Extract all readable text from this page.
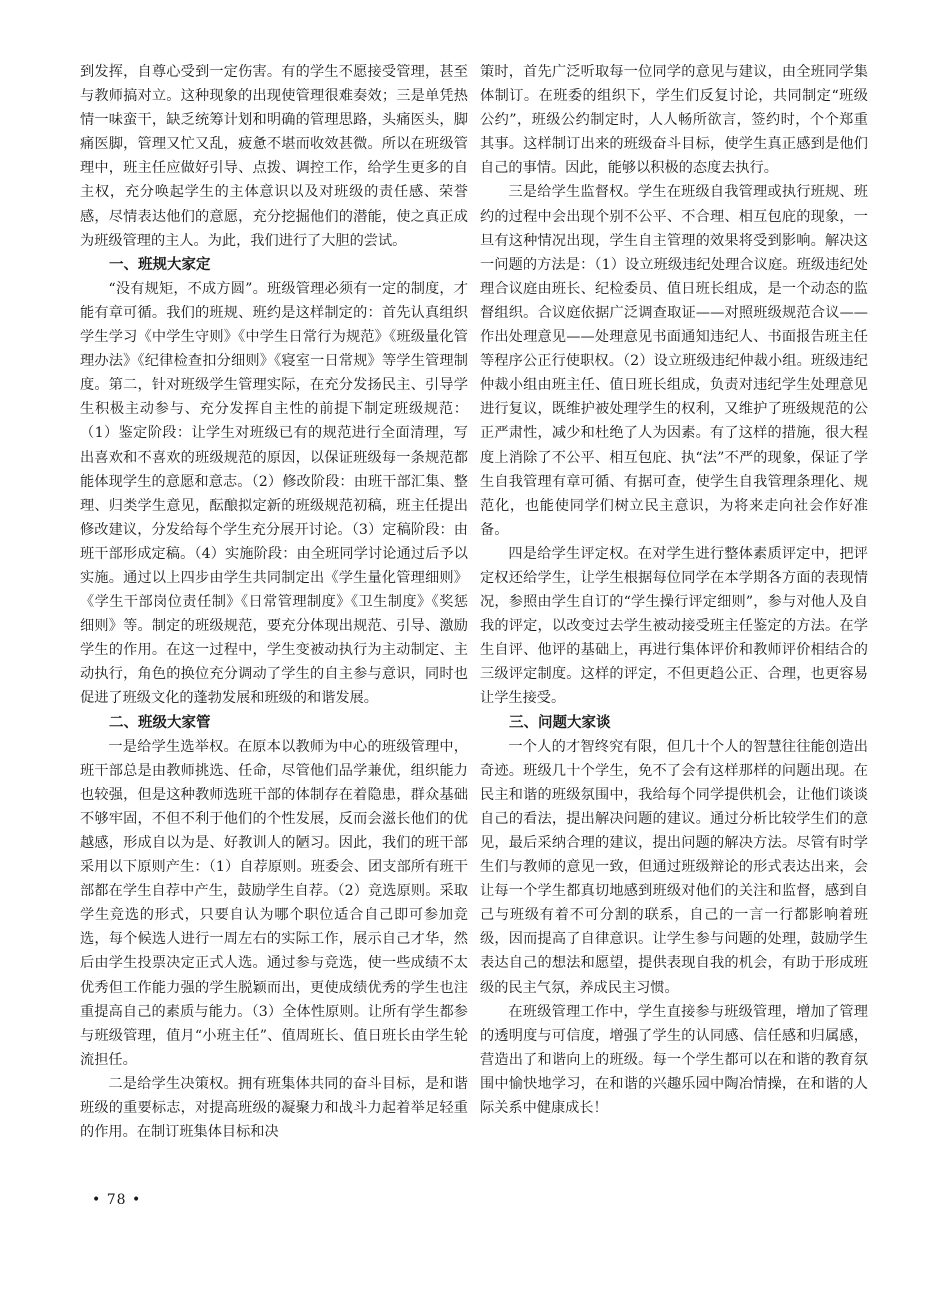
到发挥，自尊心受到一定伤害。有的学生不愿接受管理，甚至与教师搞对立。这种现象的出现使管理很难奏效；三是单凭热情一味蛮干，缺乏统筹计划和明确的管理思路，头痛医头，脚痛医脚，管理又忙又乱，疲惫不堪而收效甚微。所以在班级管理中，班主任应做好引导、点拨、调控工作，给学生更多的自主权，充分唤起学生的主体意识以及对班级的责任感、荣誉感，尽情表达他们的意愿，充分挖掘他们的潜能，使之真正成为班级管理的主人。为此，我们进行了大胆的尝试。

一、班规大家定

“没有规矩，不成方圆”。班级管理必须有一定的制度，才能有章可循。我们的班规、班约是这样制定的：首先认真组织学生学习《中学生守则》《中学生日常行为规范》《班级量化管理办法》《纪律检查扣分细则》《寝室一日常规》等学生管理制度。第二，针对班级学生管理实际，在充分发扬民主、引导学生积极主动参与、充分发挥自主性的前提下制定班级规范：（1）鉴定阶段：让学生对班级已有的规范进行全面清理，写出喜欢和不喜欢的班级规范的原因，以保证班级每一条规范都能体现学生的意愿和意志。（2）修改阶段：由班干部汇集、整理、归类学生意见，酝酿拟定新的班级规范初稿，班主任提出修改建议，分发给每个学生充分展开讨论。（3）定稿阶段：由班干部形成定稿。（4）实施阶段：由全班同学讨论通过后予以实施。通过以上四步由学生共同制定出《学生量化管理细则》《学生干部岗位责任制》《日常管理制度》《卫生制度》《奖惩细则》等。制定的班级规范，要充分体现出规范、引导、激励学生的作用。在这一过程中，学生变被动执行为主动制定、主动执行，角色的换位充分调动了学生的自主参与意识，同时也促进了班级文化的蓬勃发展和班级的和谐发展。

二、班级大家管

一是给学生选举权。在原本以教师为中心的班级管理中，班干部总是由教师挑选、任命，尽管他们品学兼优，组织能力也较强，但是这种教师选班干部的体制存在着隐患，群众基础不够牢固，不但不利于他们的个性发展，反而会滋长他们的优越感，形成自以为是、好教训人的陋习。因此，我们的班干部采用以下原则产生：（1）自荐原则。班委会、团支部所有班干部都在学生自荐中产生，鼓励学生自荐。（2）竞选原则。采取学生竞选的形式，只要自认为哪个职位适合自己即可参加竞选，每个候选人进行一周左右的实际工作，展示自己才华，然后由学生投票决定正式人选。通过参与竞选，使一些成绩不太优秀但工作能力强的学生脱颖而出，更使成绩优秀的学生也注重提高自己的素质与能力。（3）全体性原则。让所有学生都参与班级管理，值月“小班主任”、值周班长、值日班长由学生轮流担任。

二是给学生决策权。拥有班集体共同的奋斗目标，是和谐班级的重要标志，对提高班级的凝聚力和战斗力起着举足轻重的作用。在制订班集体目标和决

策时，首先广泛听取每一位同学的意见与建议，由全班同学集体制订。在班委的组织下，学生们反复讨论，共同制定“班级公约”，班级公约制定时，人人畅所欲言，签约时，个个郑重其事。这样制订出来的班级奋斗目标，使学生真正感到是他们自己的事情。因此，能够以积极的态度去执行。

三是给学生监督权。学生在班级自我管理或执行班规、班约的过程中会出现个别不公平、不合理、相互包庇的现象，一旦有这种情况出现，学生自主管理的效果将受到影响。解决这一问题的方法是：（1）设立班级违纪处理合议庭。班级违纪处理合议庭由班长、纪检委员、值日班长组成，是一个动态的监督组织。合议庭依据广泛调查取证——对照班级规范合议——作出处理意见——处理意见书面通知违纪人、书面报告班主任等程序公正行使职权。（2）设立班级违纪仲裁小组。班级违纪仲裁小组由班主任、值日班长组成，负责对违纪学生处理意见进行复议，既维护被处理学生的权利，又维护了班级规范的公正严肃性，减少和杜绝了人为因素。有了这样的措施，很大程度上消除了不公平、相互包庇、执“法”不严的现象，保证了学生自我管理有章可循、有据可查，使学生自我管理条理化、规范化，也能使同学们树立民主意识，为将来走向社会作好准备。

四是给学生评定权。在对学生进行整体素质评定中，把评定权还给学生，让学生根据每位同学在本学期各方面的表现情况，参照由学生自订的“学生操行评定细则”，参与对他人及自我的评定，以改变过去学生被动接受班主任鉴定的方法。在学生自评、他评的基础上，再进行集体评价和教师评价相结合的三级评定制度。这样的评定，不但更趋公正、合理，也更容易让学生接受。

三、问题大家谈

一个人的才智终究有限，但几十个人的智慧往往能创造出奇迹。班级几十个学生，免不了会有这样那样的问题出现。在民主和谐的班级氛围中，我给每个同学提供机会，让他们谈谈自己的看法，提出解决问题的建议。通过分析比较学生们的意见，最后采纳合理的建议，提出问题的解决方法。尽管有时学生们与教师的意见一致，但通过班级辩论的形式表达出来，会让每一个学生都真切地感到班级对他们的关注和监督，感到自己与班级有着不可分割的联系，自己的一言一行都影响着班级，因而提高了自律意识。让学生参与问题的处理，鼓励学生表达自己的想法和愿望，提供表现自我的机会，有助于形成班级的民主气氛，养成民主习惯。

在班级管理工作中，学生直接参与班级管理，增加了管理的透明度与可信度，增强了学生的认同感、信任感和归属感，营造出了和谐向上的班级。每一个学生都可以在和谐的教育氛围中愉快地学习，在和谐的兴趣乐园中陶冶情操，在和谐的人际关系中健康成长！

• 78 •
